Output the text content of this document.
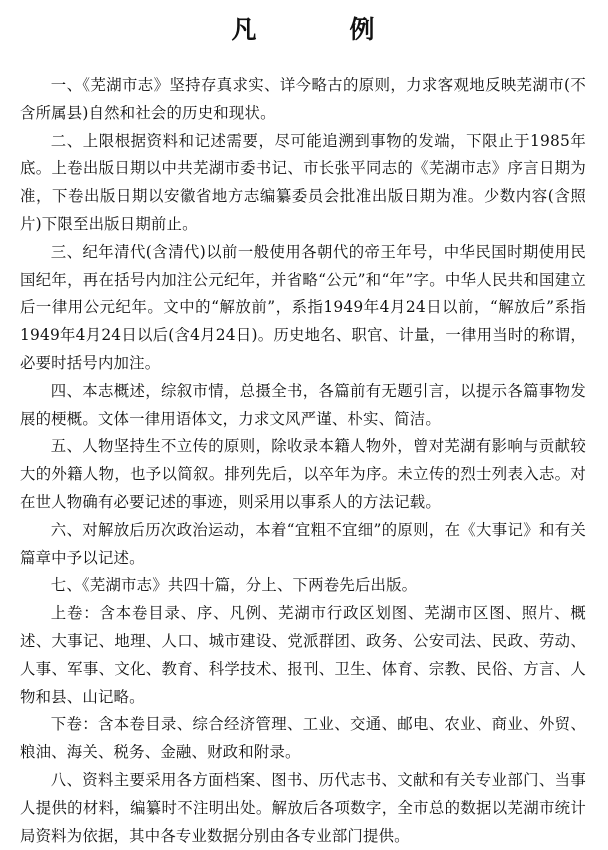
凡　例

一、《芜湖市志》坚持存真求实、详今略古的原则，力求客观地反映芜湖市(不含所属县)自然和社会的历史和现状。

二、上限根据资料和记述需要，尽可能追溯到事物的发端，下限止于1985年底。上卷出版日期以中共芜湖市委书记、市长张平同志的《芜湖市志》序言日期为准，下卷出版日期以安徽省地方志编纂委员会批准出版日期为准。少数内容(含照片)下限至出版日期前止。

三、纪年清代(含清代)以前一般使用各朝代的帝王年号，中华民国时期使用民国纪年，再在括号内加注公元纪年，并省略“公元”和“年”字。中华人民共和国建立后一律用公元纪年。文中的“解放前”，系指1949年4月24日以前，“解放后”系指1949年4月24日以后(含4月24日)。历史地名、职官、计量，一律用当时的称谓，必要时括号内加注。

四、本志概述，综叙市情，总摄全书，各篇前有无题引言，以提示各篇事物发展的梗概。文体一律用语体文，力求文风严谨、朴实、简洁。

五、人物坚持生不立传的原则，除收录本籍人物外，曾对芜湖有影响与贡献较大的外籍人物，也予以简叙。排列先后，以卒年为序。未立传的烈士列表入志。对在世人物确有必要记述的事迹，则采用以事系人的方法记载。

六、对解放后历次政治运动，本着“宜粗不宜细”的原则，在《大事记》和有关篇章中予以记述。

七、《芜湖市志》共四十篇，分上、下两卷先后出版。

上卷：含本卷目录、序、凡例、芜湖市行政区划图、芜湖市区图、照片、概述、大事记、地理、人口、城市建设、党派群团、政务、公安司法、民政、劳动、人事、军事、文化、教育、科学技术、报刊、卫生、体育、宗教、民俗、方言、人物和县、山记略。

下卷：含本卷目录、综合经济管理、工业、交通、邮电、农业、商业、外贸、粮油、海关、税务、金融、财政和附录。

八、资料主要采用各方面档案、图书、历代志书、文献和有关专业部门、当事人提供的材料，编纂时不注明出处。解放后各项数字，全市总的数据以芜湖市统计局资料为依据，其中各专业数据分别由各专业部门提供。
